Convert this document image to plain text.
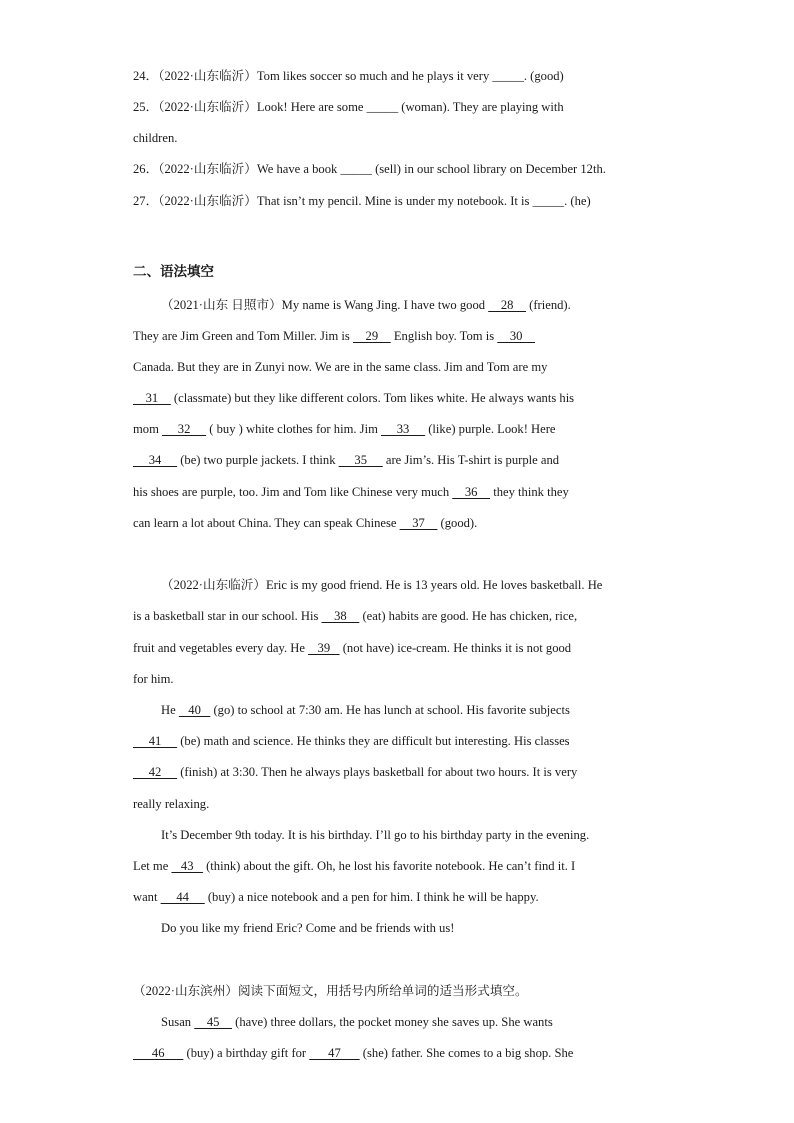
24．（2022·山东临沂）Tom likes soccer so much and he plays it very _____. (good)
25．（2022·山东临沂）Look! Here are some _____ (woman). They are playing with
children.
26．（2022·山东临沂）We have a book _____ (sell) in our school library on December 12th.
27．（2022·山东临沂）That isn’t my pencil. Mine is under my notebook. It is _____. (he)
二、语法填空
（2021·山东 日照市）My name is Wang Jing. I have two good     28     (friend).
They are Jim Green and Tom Miller. Jim is     29     English boy. Tom is     30
Canada. But they are in Zunyi now. We are in the same class. Jim and Tom are my
31     (classmate) but they like different colors. Tom likes white. He always wants his
mom      32      ( buy ) white clothes for him. Jim      33      (like) purple. Look! Here
34      (be) two purple jackets. I think      35      are Jim’s. His T-shirt is purple and
his shoes are purple, too. Jim and Tom like Chinese very much     36     they think they
can learn a lot about China. They can speak Chinese     37     (good).
（2022·山东临沂）Eric is my good friend. He is 13 years old. He loves basketball. He
is a basketball star in our school. His     38     (eat) habits are good. He has chicken, rice,
fruit and vegetables every day. He    39    (not have) ice-cream. He thinks it is not good
for him.
He    40    (go) to school at 7:30 am. He has lunch at school. His favorite subjects
41      (be) math and science. He thinks they are difficult but interesting. His classes
42      (finish) at 3:30. Then he always plays basketball for about two hours. It is very
really relaxing.
It’s December 9th today. It is his birthday. I’ll go to his birthday party in the evening.
Let me    43    (think) about the gift. Oh, he lost his favorite notebook. He can’t find it. I
want      44      (buy) a nice notebook and a pen for him. I think he will be happy.
Do you like my friend Eric? Come and be friends with us!
（2022·山东滨州）阅读下面短文，用括号内所给单词的适当形式填空。
Susan     45     (have) three dollars, the pocket money she saves up. She wants
46       (buy) a birthday gift for       47       (she) father. She comes to a big shop. She
